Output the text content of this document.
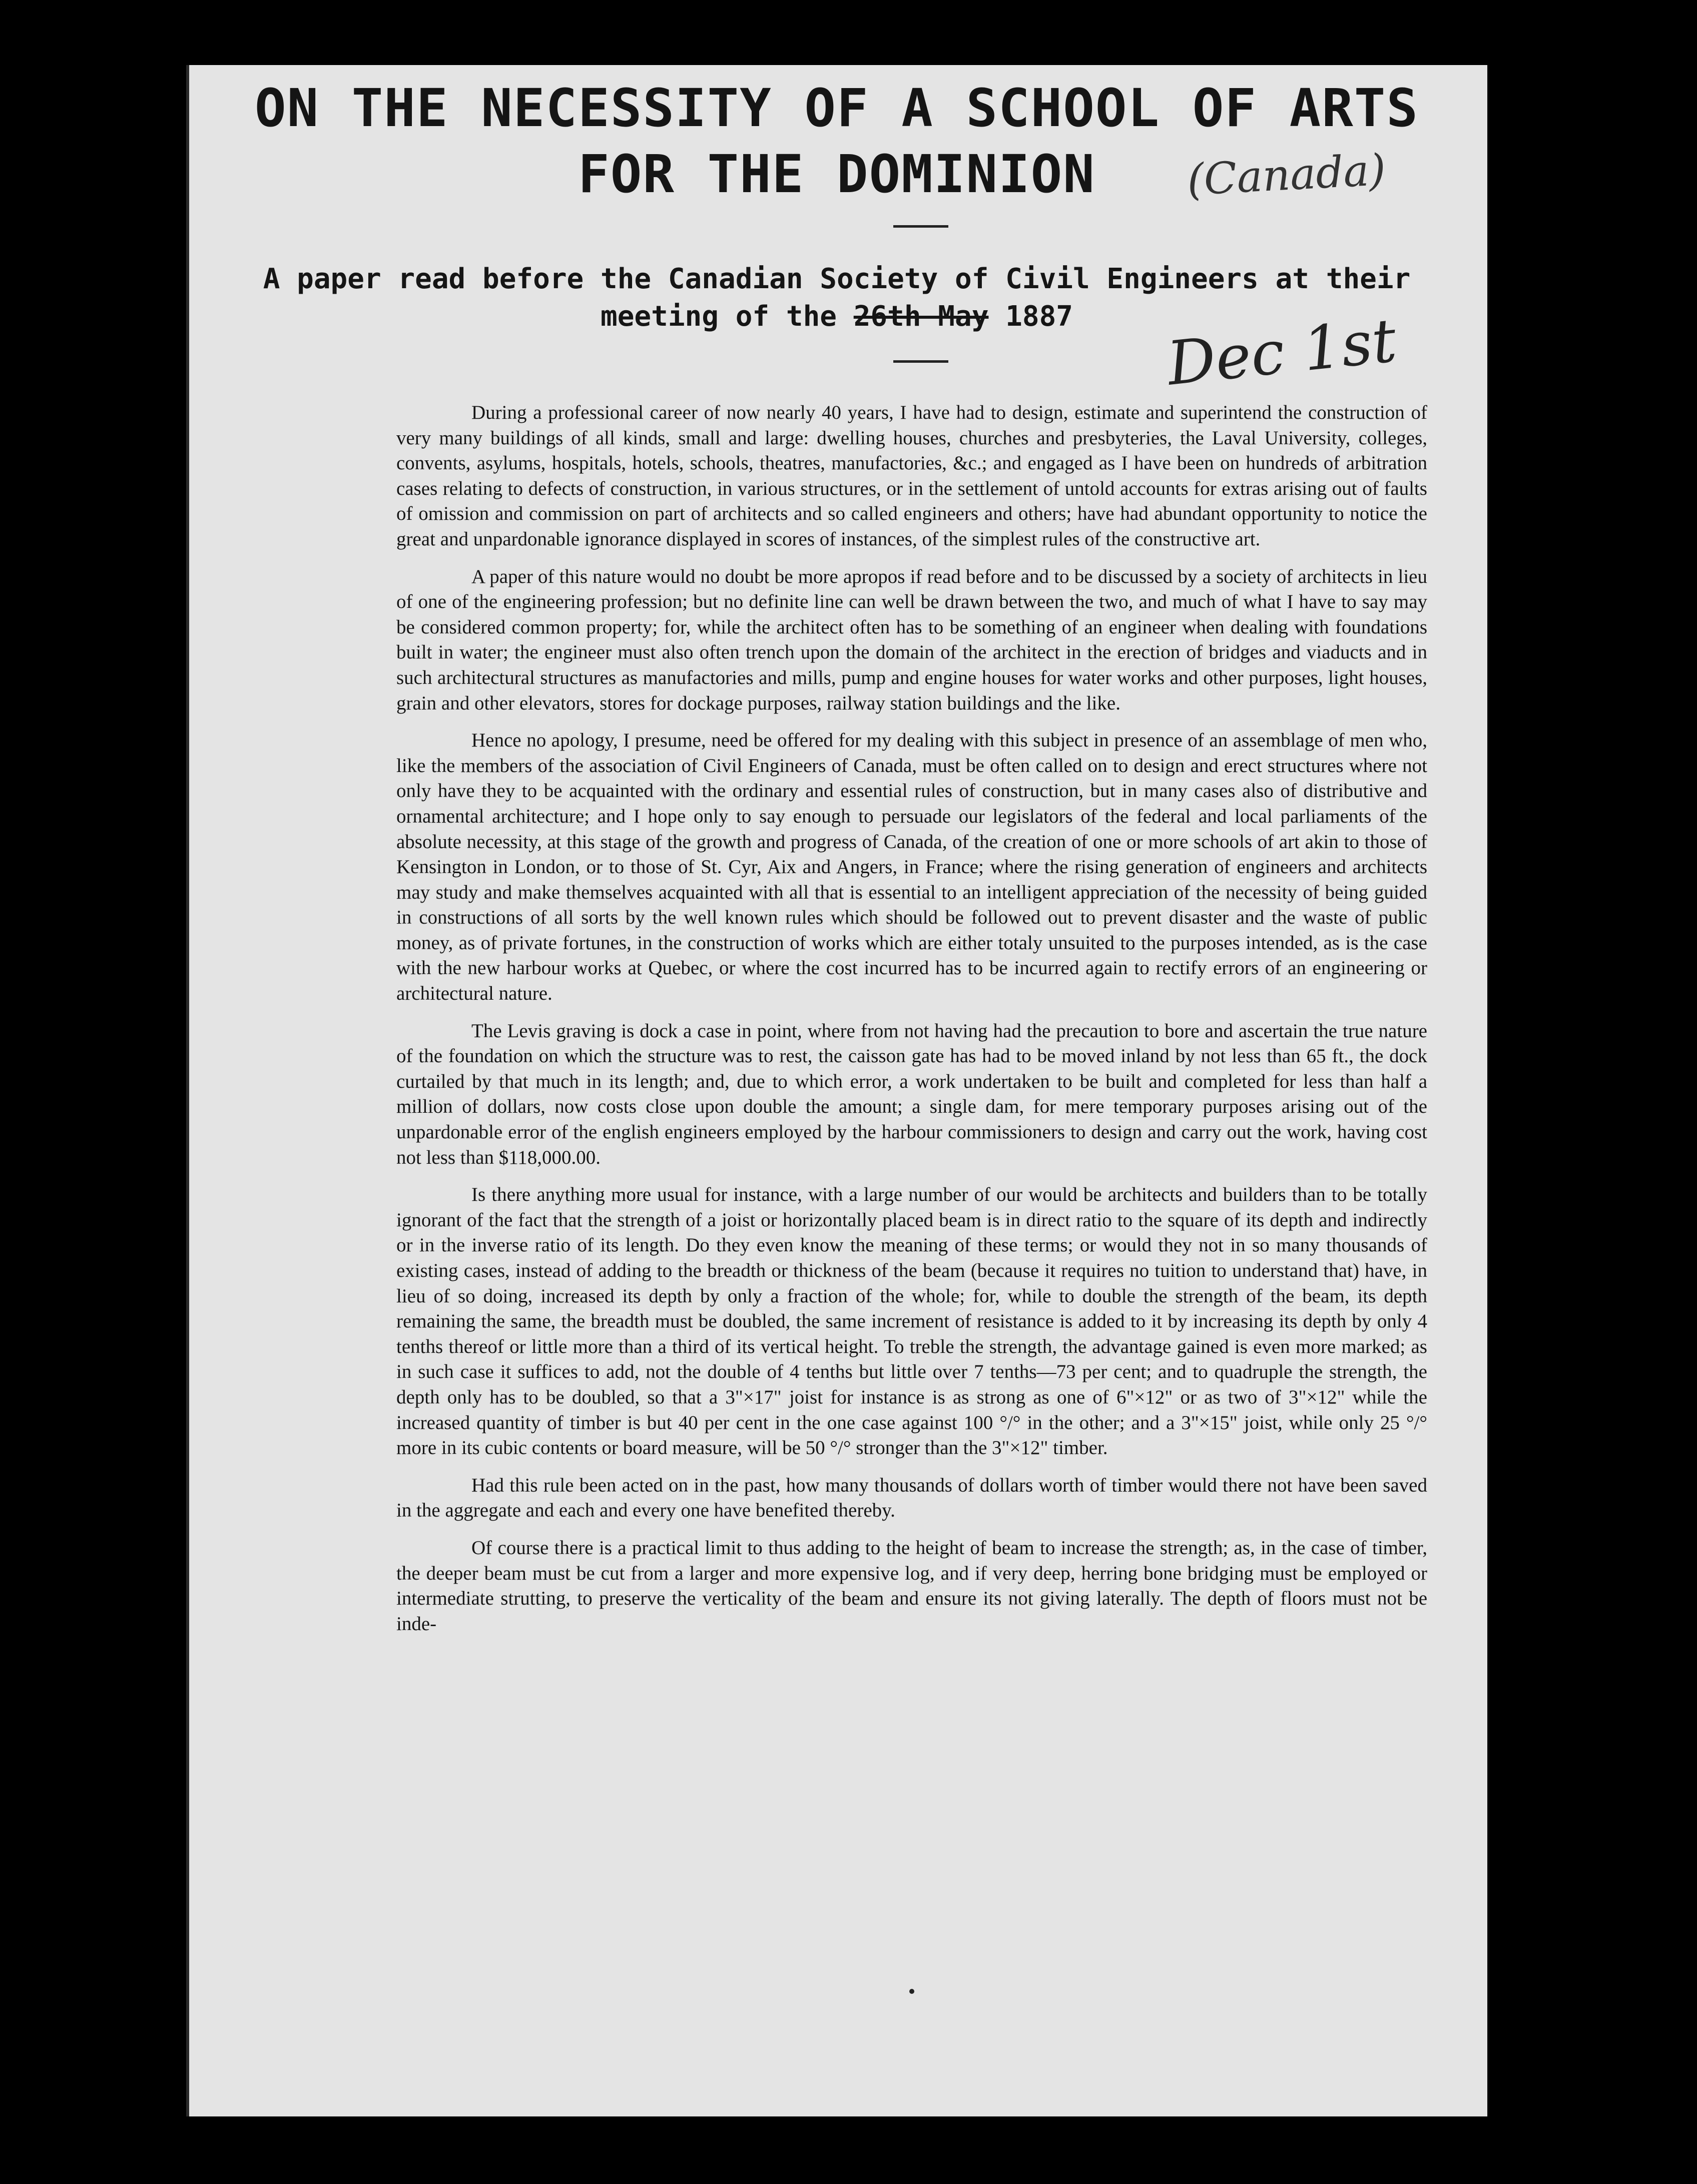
ON THE NECESSITY OF A SCHOOL OF ARTS
FOR THE DOMINION	(Canada)
A paper read before the Canadian Society of Civil Engineers at their
meeting of the 26th May 1887	Dec 1st

During a professional career of now nearly 40 years, I have had to design, estimate and superintend the construction of very many buildings of all kinds, small and large: dwelling houses, churches and presbyteries, the Laval University, colleges, convents, asylums, hospitals, hotels, schools, theatres, manufactories, &c.; and engaged as I have been on hundreds of arbitration cases relating to defects of construction, in various structures, or in the settlement of untold accounts for extras arising out of faults of omission and commission on part of architects and so called engineers and others; have had abundant opportunity to notice the great and unpardonable ignorance displayed in scores of instances, of the simplest rules of the constructive art.

A paper of this nature would no doubt be more apropos if read before and to be discussed by a society of architects in lieu of one of the engineering profession; but no definite line can well be drawn between the two, and much of what I have to say may be considered common property; for, while the architect often has to be something of an engineer when dealing with foundations built in water; the engineer must also often trench upon the domain of the architect in the erection of bridges and viaducts and in such architectural structures as manufactories and mills, pump and engine houses for water works and other purposes, light houses, grain and other elevators, stores for dockage purposes, railway station buildings and the like.

Hence no apology, I presume, need be offered for my dealing with this subject in presence of an assemblage of men who, like the members of the association of Civil Engineers of Canada, must be often called on to design and erect structures where not only have they to be acquainted with the ordinary and essential rules of construction, but in many cases also of distributive and ornamental architecture; and I hope only to say enough to persuade our legislators of the federal and local parliaments of the absolute necessity, at this stage of the growth and progress of Canada, of the creation of one or more schools of art akin to those of Kensington in London, or to those of St. Cyr, Aix and Angers, in France; where the rising generation of engineers and architects may study and make themselves acquainted with all that is essential to an intelligent appreciation of the necessity of being guided in constructions of all sorts by the well known rules which should be followed out to prevent disaster and the waste of public money, as of private fortunes, in the construction of works which are either totaly unsuited to the purposes intended, as is the case with the new harbour works at Quebec, or where the cost incurred has to be incurred again to rectify errors of an engineering or architectural nature.

The Levis graving is dock a case in point, where from not having had the precaution to bore and ascertain the true nature of the foundation on which the structure was to rest, the caisson gate has had to be moved inland by not less than 65 ft., the dock curtailed by that much in its length; and, due to which error, a work undertaken to be built and completed for less than half a million of dollars, now costs close upon double the amount; a single dam, for mere temporary purposes arising out of the unpardonable error of the english engineers employed by the harbour commissioners to design and carry out the work, having cost not less than $118,000.00.

Is there anything more usual for instance, with a large number of our would be architects and builders than to be totally ignorant of the fact that the strength of a joist or horizontally placed beam is in direct ratio to the square of its depth and indirectly or in the inverse ratio of its length. Do they even know the meaning of these terms; or would they not in so many thousands of existing cases, instead of adding to the breadth or thickness of the beam (because it requires no tuition to understand that) have, in lieu of so doing, increased its depth by only a fraction of the whole; for, while to double the strength of the beam, its depth remaining the same, the breadth must be doubled, the same increment of resistance is added to it by increasing its depth by only 4 tenths thereof or little more than a third of its vertical height. To treble the strength, the advantage gained is even more marked; as in such case it suffices to add, not the double of 4 tenths but little over 7 tenths—73 per cent; and to quadruple the strength, the depth only has to be doubled, so that a 3"×17" joist for instance is as strong as one of 6"×12" or as two of 3"×12" while the increased quantity of timber is but 40 per cent in the one case against 100 °/° in the other; and a 3"×15" joist, while only 25 °/° more in its cubic contents or board measure, will be 50 °/° stronger than the 3"×12" timber.

Had this rule been acted on in the past, how many thousands of dollars worth of timber would there not have been saved in the aggregate and each and every one have benefited thereby.

Of course there is a practical limit to thus adding to the height of beam to increase the strength; as, in the case of timber, the deeper beam must be cut from a larger and more expensive log, and if very deep, herring bone bridging must be employed or intermediate strutting, to preserve the verticality of the beam and ensure its not giving laterally. The depth of floors must not be inde-
